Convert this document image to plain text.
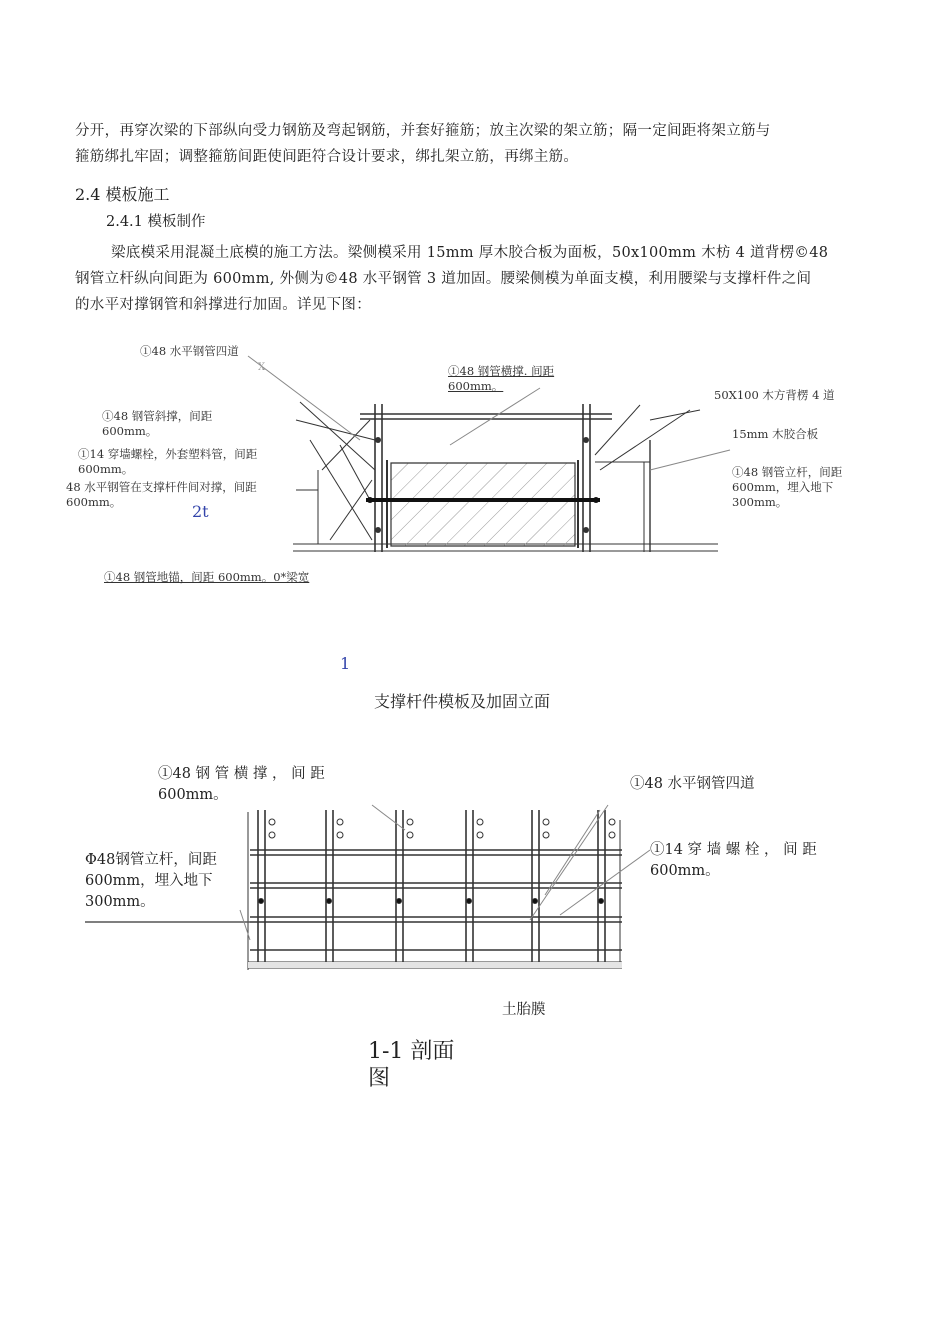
分开，再穿次梁的下部纵向受力钢筋及弯起钢筋，并套好箍筋；放主次梁的架立筋；隔一定间距将架立筋与
箍筋绑扎牢固；调整箍筋间距使间距符合设计要求，绑扎架立筋，再绑主筋。
2.4 模板施工
2.4.1 模板制作
梁底模采用混凝土底模的施工方法。梁侧模采用 15mm 厚木胶合板为面板，50x100mm 木枋 4 道背楞©48
钢管立杆纵向间距为 600mm, 外侧为©48 水平钢管 3 道加固。腰梁侧模为单面支模，利用腰梁与支撑杆件之间
的水平对撑钢管和斜撑进行加固。详见下图：
①48 水平钢管四道
X	①48 钢管横撑. 间距
600mm。
50X100 木方背楞 4 道
15mm 木胶合板
①48 钢管立杆，间距
600mm，埋入地下
300mm。
①48 钢管斜撑，间距
600mm。
①14 穿墙螺栓，外套塑料管，间距
600mm。
48 水平钢管在支撑杆件间对撑，间距
600mm。	2t
①48 钢管地锚，间距 600mm。0*梁宽
1
支撑杆件模板及加固立面
①48 钢 管 横 撑 ， 间 距
600mm。
①48 水平钢管四道
Φ48钢管立杆，间距
600mm，埋入地下
300mm。
①14 穿 墙 螺 栓 ， 间 距
600mm。
土胎膜
1-1 剖面
图
